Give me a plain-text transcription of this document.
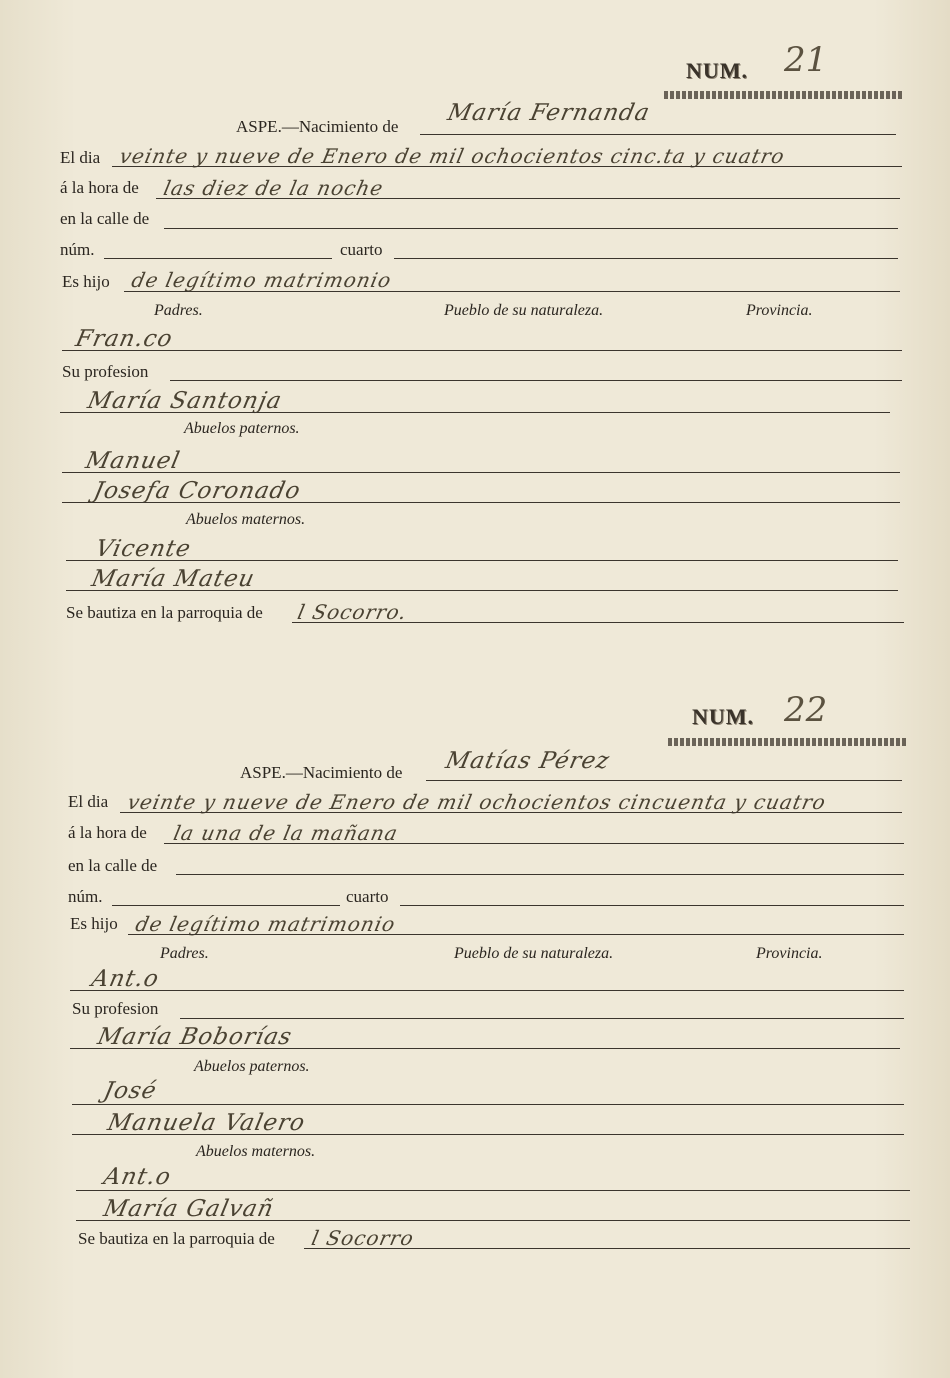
NUM. 21
ASPE.—Nacimiento de
María Fernanda
El dia veinte y nueve de Enero de mil ochocientos cinc.ta y cuatro
á la hora de las diez de la noche
en la calle de
núm.	cuarto
Es hijo de legítimo matrimonio
Padres.	Pueblo de su naturaleza.	Provincia.
Fran.co
Su profesion
María Santonja
Abuelos paternos.
Manuel
Josefa Coronado
Abuelos maternos.
Vicente
María Mateu
Se bautiza en la parroquia de l Socorro.
NUM. 22
ASPE.—Nacimiento de Matías Pérez
El dia veinte y nueve de Enero de mil ochocientos cincuenta y cuatro
á la hora de la una de la mañana
en la calle de
núm.	cuarto
Es hijo de legítimo matrimonio
Padres.	Pueblo de su naturaleza.	Provincia.
Ant.o
Su profesion
María Boborías
Abuelos paternos.
José
Manuela Valero
Abuelos maternos.
Ant.o
María Galvañ
Se bautiza en la parroquia de l Socorro
